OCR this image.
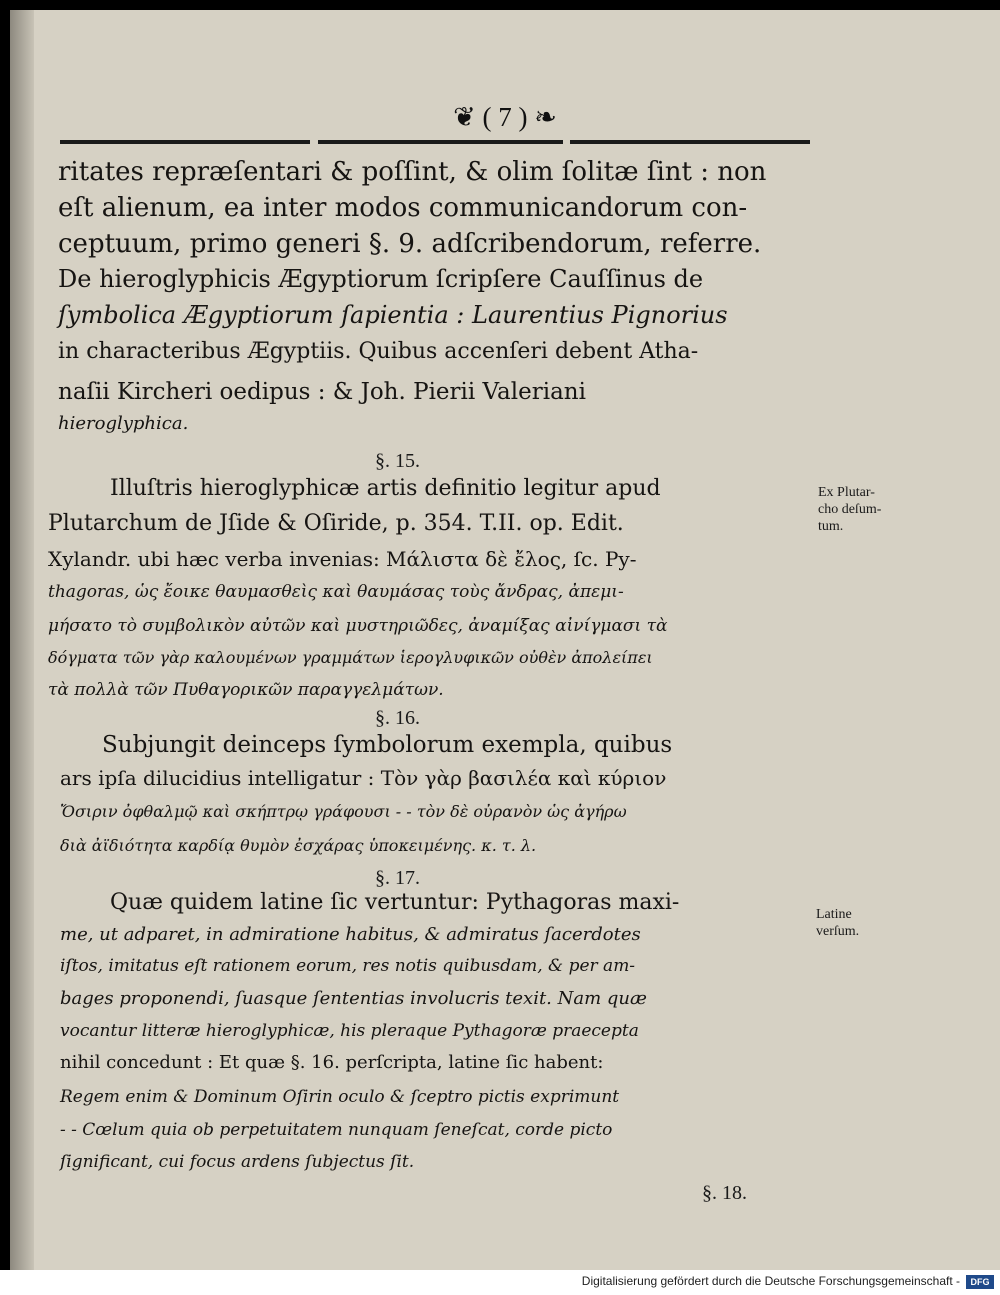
❦ ( 7 ) ❧
ritates repræſentari & poſſint, & olim ſolitæ ſint : non
eſt alienum, ea inter modos communicandorum con-
ceptuum, primo generi §. 9. adſcribendorum, referre.
De hieroglyphicis Ægyptiorum ſcripſere Cauſſinus de
ſymbolica Ægyptiorum ſapientia : Laurentius Pignorius
in characteribus Ægyptiis. Quibus accenſeri debent Atha-
naſii Kircheri oedipus : & Joh. Pierii Valeriani
hieroglyphica.
§. 15.
Illuſtris hieroglyphicæ artis definitio legitur apud
Plutarchum de Jſide & Oſiride, p. 354. T.II. op. Edit.
Xylandr. ubi hæc verba invenias: Μάλιστα δὲ ἔλος, ſc. Py-
thagoras, ὡς ἔοικε θαυμασθεὶς καὶ θαυμάσας τοὺς ἄνδρας, ἀπεμι-
μήσατο τὸ συμβολικὸν αὐτῶν καὶ μυστηριῶδες, ἀναμίξας αἰνίγμασι τὰ
δόγματα τῶν γὰρ καλουμένων γραμμάτων ἱερογλυφικῶν οὐθὲν ἀπολείπει
τὰ πολλὰ τῶν Πυθαγορικῶν παραγγελμάτων.
§. 16.
Subjungit deinceps ſymbolorum exempla, quibus
ars ipſa dilucidius intelligatur : Τὸν γὰρ βασιλέα καὶ κύριον
Ὄσιριν ὀφθαλμῷ καὶ σκήπτρῳ γράφουσι - - τὸν δὲ οὐρανὸν ὡς ἀγήρω
διὰ ἀϊδιότητα καρδίᾳ θυμὸν ἐσχάρας ὑποκειμένης. κ. τ. λ.
§. 17.
Quæ quidem latine ſic vertuntur: Pythagoras maxi-
me, ut adparet, in admiratione habitus, & admiratus ſacerdotes
iſtos, imitatus eſt rationem eorum, res notis quibusdam, & per am-
bages proponendi, ſuasque ſententias involucris texit. Nam quæ
vocantur litteræ hieroglyphicæ, his pleraque Pythagoræ praecepta
nihil concedunt : Et quæ §. 16. perſcripta, latine ſic habent:
Regem enim & Dominum Oſirin oculo & ſceptro pictis exprimunt
- - Cœlum quia ob perpetuitatem nunquam ſeneſcat, corde picto
ſignificant, cui focus ardens ſubjectus ſit.
§. 18.
Ex Plutar-
cho deſum-
tum.
Latine
verſum.
Digitalisierung gefördert durch die Deutsche Forschungsgemeinschaft -	DFG
